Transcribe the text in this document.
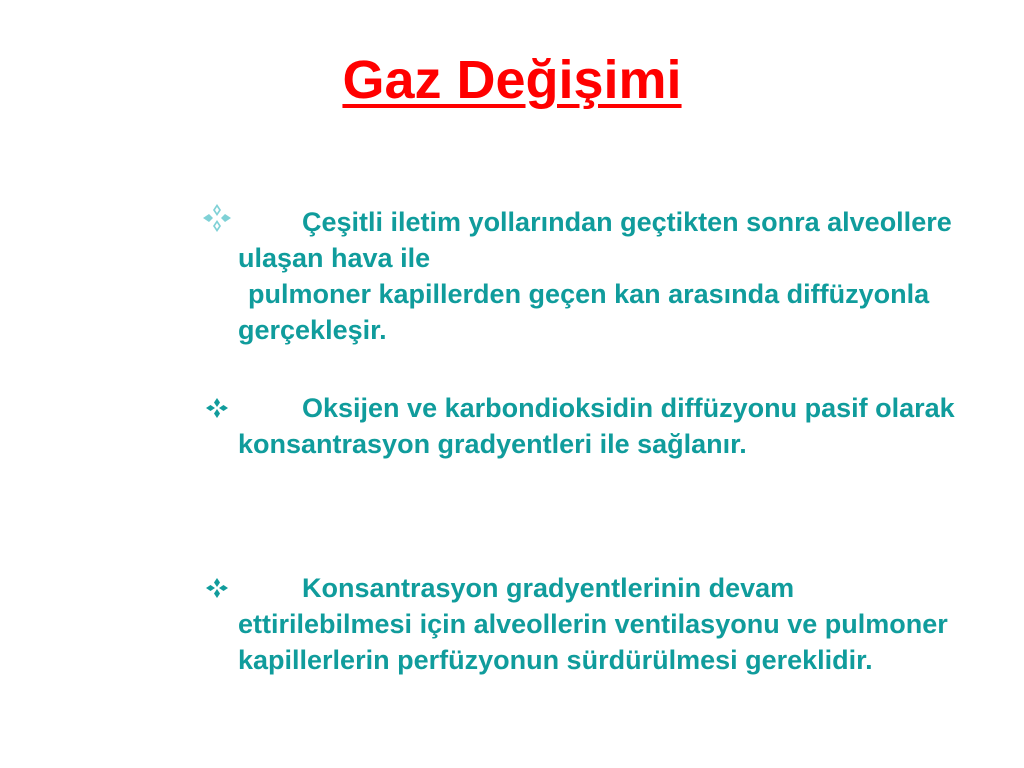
Gaz Değişimi
Çeşitli iletim yollarından geçtikten sonra alveollere ulaşan hava ile
pulmoner kapillerden geçen kan arasında diffüzyonla gerçekleşir.
Oksijen ve karbondioksidin diffüzyonu pasif olarak konsantrasyon gradyentleri ile sağlanır.
Konsantrasyon gradyentlerinin devam ettirilebilmesi için alveollerin ventilasyonu ve pulmoner kapillerlerin perfüzyonun sürdürülmesi gereklidir.
